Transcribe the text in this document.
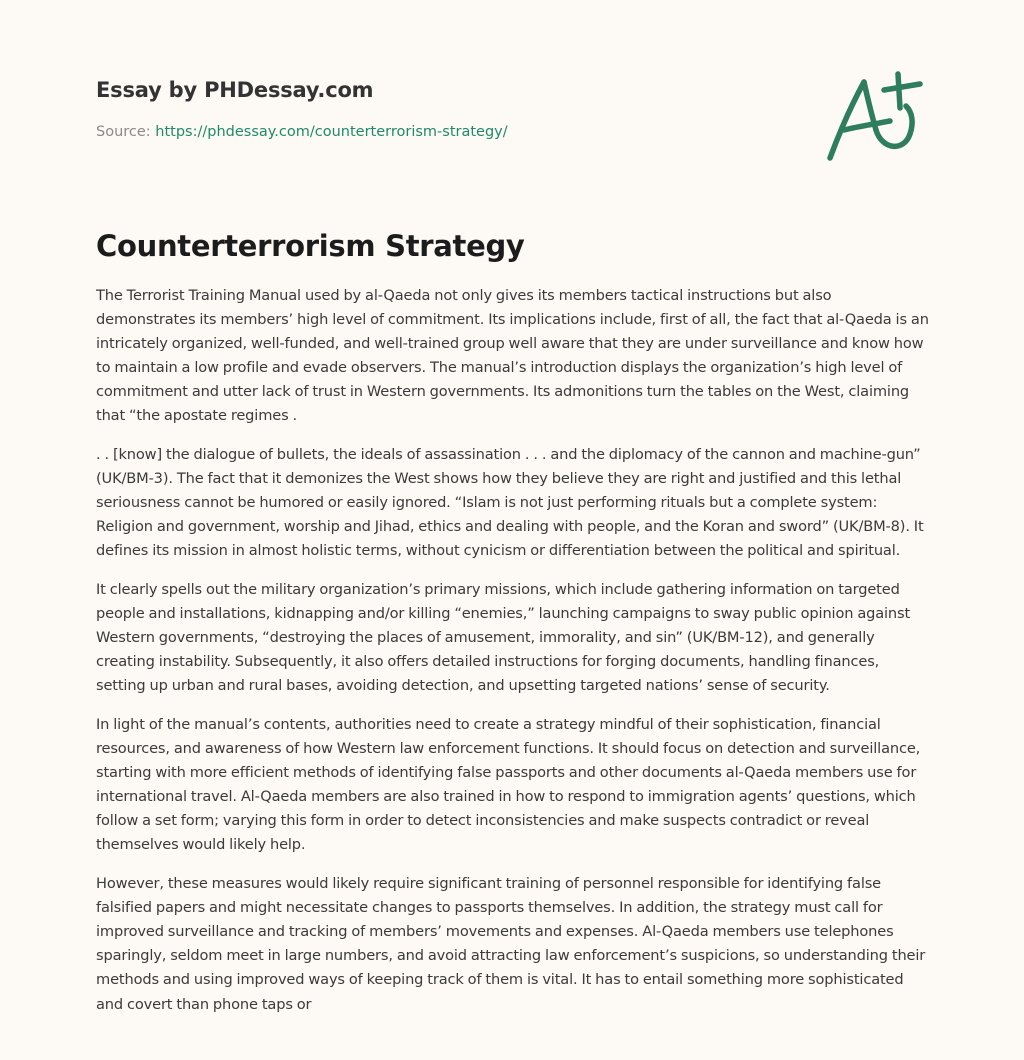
Essay by PHDessay.com
Source: https://phdessay.com/counterterrorism-strategy/
Counterterrorism Strategy

The Terrorist Training Manual used by al-Qaeda not only gives its members tactical instructions but also demonstrates its members’ high level of commitment. Its implications include, first of all, the fact that al-Qaeda is an intricately organized, well-funded, and well-trained group well aware that they are under surveillance and know how to maintain a low profile and evade observers. The manual’s introduction displays the organization’s high level of commitment and utter lack of trust in Western governments. Its admonitions turn the tables on the West, claiming that “the apostate regimes .

. . [know] the dialogue of bullets, the ideals of assassination . . . and the diplomacy of the cannon and machine-gun” (UK/BM-3). The fact that it demonizes the West shows how they believe they are right and justified and this lethal seriousness cannot be humored or easily ignored. “Islam is not just performing rituals but a complete system: Religion and government, worship and Jihad, ethics and dealing with people, and the Koran and sword” (UK/BM-8). It defines its mission in almost holistic terms, without cynicism or differentiation between the political and spiritual.

It clearly spells out the military organization’s primary missions, which include gathering information on targeted people and installations, kidnapping and/or killing “enemies,” launching campaigns to sway public opinion against Western governments, “destroying the places of amusement, immorality, and sin” (UK/BM-12), and generally creating instability. Subsequently, it also offers detailed instructions for forging documents, handling finances, setting up urban and rural bases, avoiding detection, and upsetting targeted nations’ sense of security.

In light of the manual’s contents, authorities need to create a strategy mindful of their sophistication, financial resources, and awareness of how Western law enforcement functions. It should focus on detection and surveillance, starting with more efficient methods of identifying false passports and other documents al-Qaeda members use for international travel. Al-Qaeda members are also trained in how to respond to immigration agents’ questions, which follow a set form; varying this form in order to detect inconsistencies and make suspects contradict or reveal themselves would likely help.

However, these measures would likely require significant training of personnel responsible for identifying false falsified papers and might necessitate changes to passports themselves. In addition, the strategy must call for improved surveillance and tracking of members’ movements and expenses. Al-Qaeda members use telephones sparingly, seldom meet in large numbers, and avoid attracting law enforcement’s suspicions, so understanding their methods and using improved ways of keeping track of them is vital. It has to entail something more sophisticated and covert than phone taps or
